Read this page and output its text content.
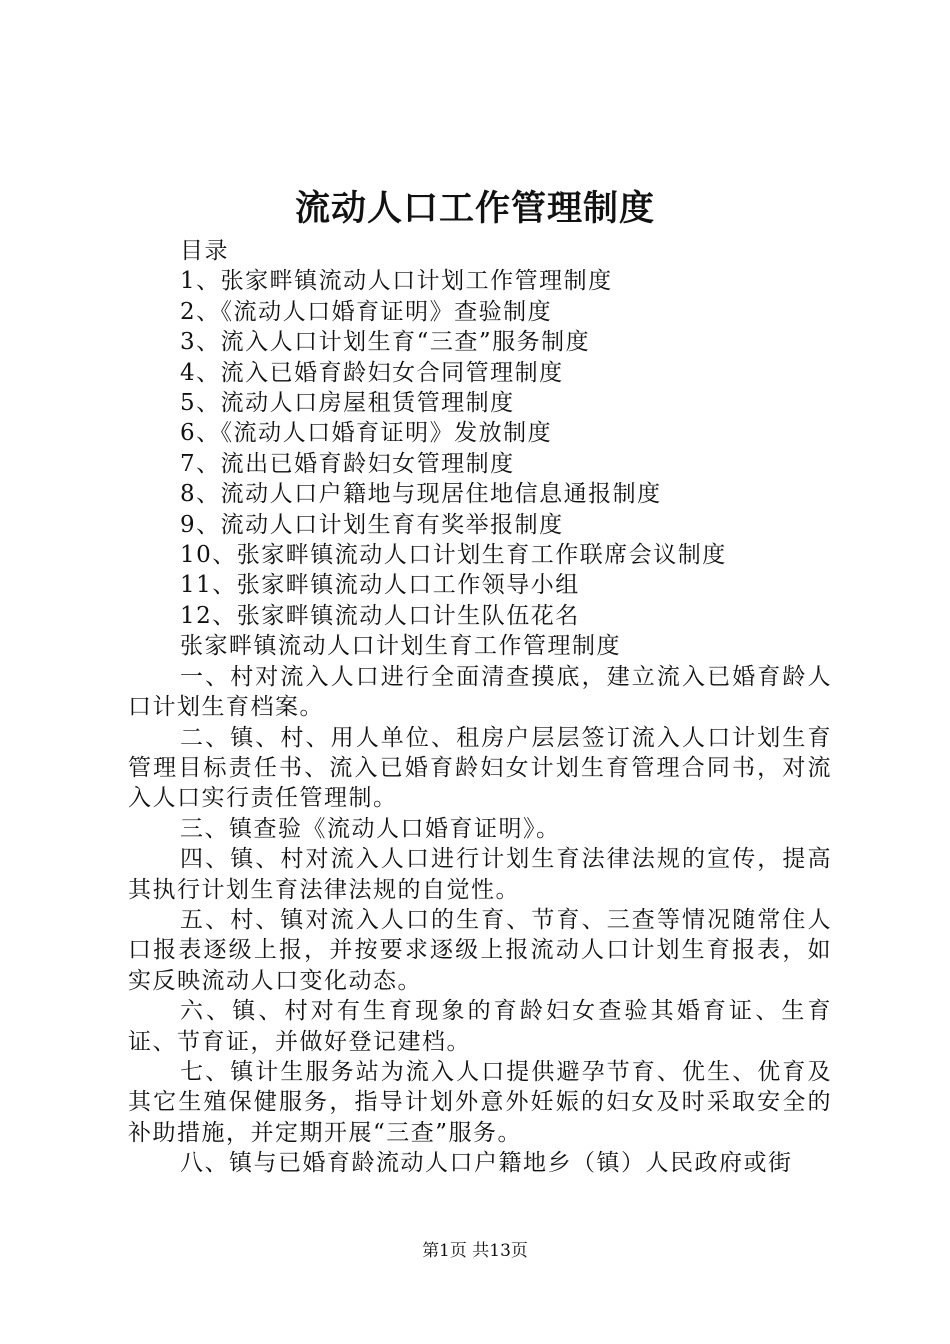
流动人口工作管理制度

目录

1、张家畔镇流动人口计划工作管理制度

2、《流动人口婚育证明》查验制度

3、流入人口计划生育“三查”服务制度

4、流入已婚育龄妇女合同管理制度

5、流动人口房屋租赁管理制度

6、《流动人口婚育证明》发放制度

7、流出已婚育龄妇女管理制度

8、流动人口户籍地与现居住地信息通报制度

9、流动人口计划生育有奖举报制度

10、张家畔镇流动人口计划生育工作联席会议制度

11、张家畔镇流动人口工作领导小组

12、张家畔镇流动人口计生队伍花名

张家畔镇流动人口计划生育工作管理制度

一、村对流入人口进行全面清查摸底，建立流入已婚育龄人口计划生育档案。

二、镇、村、用人单位、租房户层层签订流入人口计划生育管理目标责任书、流入已婚育龄妇女计划生育管理合同书，对流入人口实行责任管理制。

三、镇查验《流动人口婚育证明》。

四、镇、村对流入人口进行计划生育法律法规的宣传，提高其执行计划生育法律法规的自觉性。

五、村、镇对流入人口的生育、节育、三查等情况随常住人口报表逐级上报，并按要求逐级上报流动人口计划生育报表，如实反映流动人口变化动态。

六、镇、村对有生育现象的育龄妇女查验其婚育证、生育证、节育证，并做好登记建档。

七、镇计生服务站为流入人口提供避孕节育、优生、优育及其它生殖保健服务，指导计划外意外妊娠的妇女及时采取安全的补助措施，并定期开展“三查”服务。

八、镇与已婚育龄流动人口户籍地乡（镇）人民政府或街

第1页 共13页
